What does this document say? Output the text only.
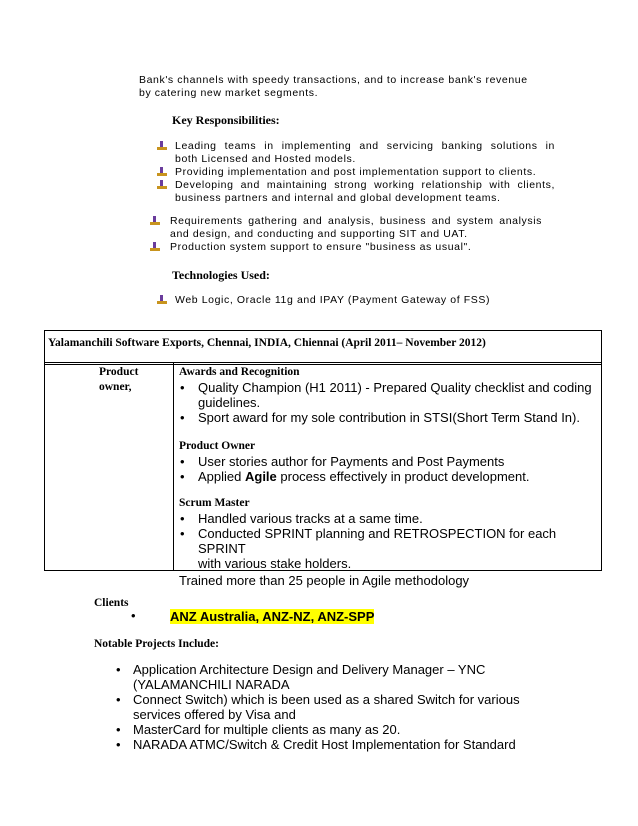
Bank's channels with speedy transactions, and to increase bank's revenue
by catering new market segments.
Key Responsibilities:
Leading teams in implementing and servicing banking solutions in
both Licensed and Hosted models.
Providing implementation and post implementation support to clients.
Developing and maintaining strong working relationship with clients,
business partners and internal and global development teams.
Requirements gathering and analysis, business and system analysis
and design, and conducting and supporting SIT and UAT.
Production system support to ensure "business as usual".
Technologies Used:
Web Logic, Oracle 11g and IPAY (Payment Gateway of FSS)
Yalamanchili Software Exports, Chennai, INDIA, Chiennai (April 2011– November 2012)
Product
owner,
Awards and Recognition
• Quality Champion (H1 2011) - Prepared Quality checklist and coding
guidelines.
• Sport award for my sole contribution in STSI(Short Term Stand In).
Product Owner
• User stories author for Payments and Post Payments
• Applied Agile process effectively in product development.
Scrum Master
• Handled various tracks at a same time.
• Conducted SPRINT planning and RETROSPECTION for each SPRINT
with various stake holders.
Trained more than 25 people in Agile methodology
Clients
•	ANZ Australia, ANZ-NZ, ANZ-SPP
Notable Projects Include:
• Application Architecture Design and Delivery Manager – YNC
(YALAMANCHILI NARADA
• Connect Switch) which is been used as a shared Switch for various
services offered by Visa and
• MasterCard for multiple clients as many as 20.
• NARADA ATMC/Switch & Credit Host Implementation for Standard
